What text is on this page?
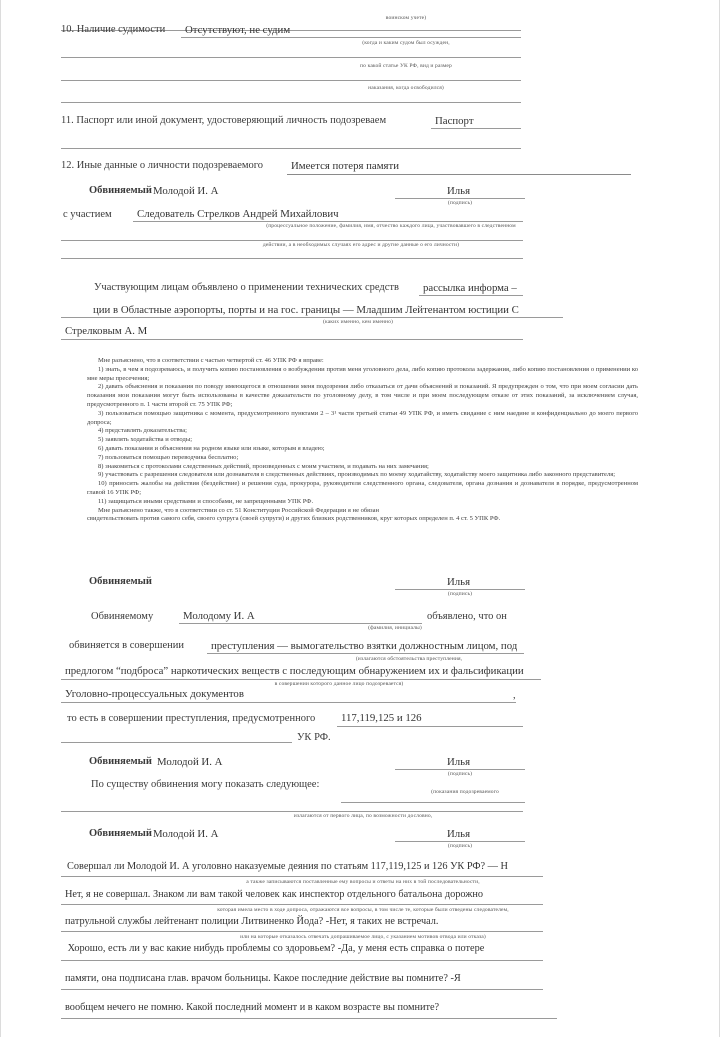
воинском учете)
10. Наличие судимости Отсутствуют, не судим
(когда и каким судом был осужден,
по какой статье УК РФ, вид и размер
наказания, когда освободился)
11. Паспорт или иной документ, удостоверяющий личность подозреваем	Паспорт
12. Иные данные о личности подозреваемого	Имеется потеря памяти
Обвиняемый Молодой И. А	Илья
(подпись)
с участием Следователь Стрелков Андрей Михайлович
(процессуальное положение, фамилия, имя, отчество каждого лица, участвовавшего в следственном
действии, а в необходимых случаях его адрес и другие данные о его личности)
Участвующим лицам объявлено о применении технических средств рассылка информа –
ции в Областные аэропорты, порты и на гос. границы — Младшим Лейтенантом юстиции С
(каких именно, кем именно)
Стрелковым А. М

Мне разъяснено, что в соответствии с частью четвертой ст. 46 УПК РФ я вправе:

1) знать, в чем я подозреваюсь, и получить копию постановления о возбуждении против меня уголовного дела, либо копию протокола задержания, либо копию постановления о применении ко мне меры пресечения;

2) давать объяснения и показания по поводу имеющегося в отношении меня подозрения либо отказаться от дачи объяснений и показаний. Я предупрежден о том, что при моем согласии дать показания мои показания могут быть использованы в качестве доказательств по уголовному делу, в том числе и при моем последующем отказе от этих показаний, за исключением случая, предусмотренного п. 1 части второй ст. 75 УПК РФ;

3) пользоваться помощью защитника с момента, предусмотренного пунктами 2 – 3¹ части третьей статьи 49 УПК РФ, и иметь свидание с ним наедине и конфиденциально до моего первого допроса;

4) представлять доказательства;

5) заявлять ходатайства и отводы;

6) давать показания и объяснения на родном языке или языке, которым я владею;

7) пользоваться помощью переводчика бесплатно;

8) знакомиться с протоколами следственных действий, произведенных с моим участием, и подавать на них замечания;

9) участвовать с разрешения следователя или дознавателя в следственных действиях, производимых по моему ходатайству, ходатайству моего защитника либо законного представителя;

10) приносить жалобы на действия (бездействие) и решения суда, прокурора, руководителя следственного органа, следователя, органа дознания и дознавателя в порядке, предусмотренном главой 16 УПК РФ;

11) защищаться иными средствами и способами, не запрещенными УПК РФ.

Мне разъяснено также, что в соответствии со ст. 51 Конституции Российской Федерации я не обязан

свидетельствовать против самого себя, своего супруга (своей супруги) и других близких родственников, круг которых определен п. 4 ст. 5 УПК РФ.

Обвиняемый	Илья
(подпись)
Обвиняемому	Молодому И. А	объявлено, что он
(фамилия, инициалы)
обвиняется в совершении преступления — вымогательство взятки должностным лицом, под
(излагаются обстоятельства преступления,
предлогом “подброса” наркотических веществ с последующим обнаружением их и фальсификации
в совершении которого данное лицо подозревается)
Уголовно-процессуальных документов	,
то есть в совершении преступления, предусмотренного 117,119,125 и 126
УК РФ.
Обвиняемый Молодой И. А	Илья
(подпись)
По существу обвинения могу показать следующее:
(показания подозреваемого
излагаются от первого лица, по возможности дословно,
Обвиняемый Молодой И. А	Илья
(подпись)
Совершал ли Молодой И. А уголовно наказуемые деяния по статьям 117,119,125 и 126 УК РФ? — Н
а также записываются поставленные ему вопросы и ответы на них в той последовательности,
Нет, я не совершал. Знаком ли вам такой человек как инспектор отдельного батальона дорожно
которая имела место в ходе допроса, отражаются все вопросы, в том числе те, которые были отведены следователем,
патрульной службы лейтенант полиции Литвиненко Йода? -Нет, я таких не встречал.
или на которые отказалось отвечать допрашиваемое лицо, с указанием мотивов отвода или отказа)
Хорошо, есть ли у вас какие нибудь проблемы со здоровьем? -Да, у меня есть справка о потере
памяти, она подписана глав. врачом больницы. Какое последние действие вы помните? -Я
вообщем нечего не помню. Какой последний момент и в каком возрасте вы помните?
